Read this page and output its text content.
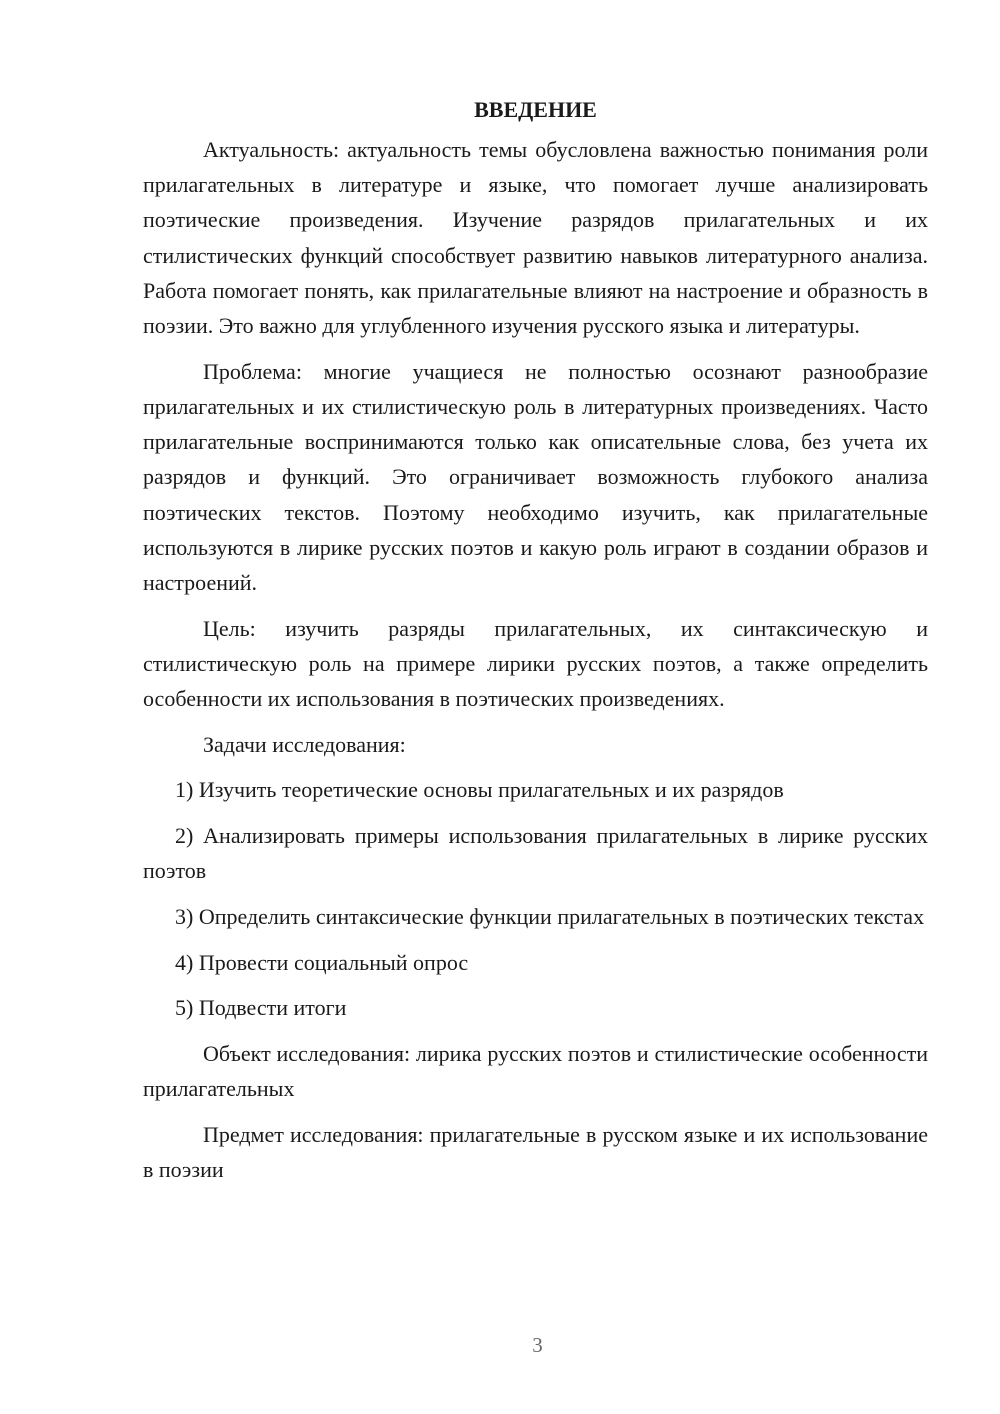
ВВЕДЕНИЕ

Актуальность: актуальность темы обусловлена важностью понимания роли прилагательных в литературе и языке, что помогает лучше анализировать поэтические произведения. Изучение разрядов прилагательных и их стилистических функций способствует развитию навыков литературного анализа. Работа помогает понять, как прилагательные влияют на настроение и образность в поэзии. Это важно для углубленного изучения русского языка и литературы.

Проблема: многие учащиеся не полностью осознают разнообразие прилагательных и их стилистическую роль в литературных произведениях. Часто прилагательные воспринимаются только как описательные слова, без учета их разрядов и функций. Это ограничивает возможность глубокого анализа поэтических текстов. Поэтому необходимо изучить, как прилагательные используются в лирике русских поэтов и какую роль играют в создании образов и настроений.

Цель: изучить разряды прилагательных, их синтаксическую и стилистическую роль на примере лирики русских поэтов, а также определить особенности их использования в поэтических произведениях.

Задачи исследования:

1) Изучить теоретические основы прилагательных и их разрядов

2) Анализировать примеры использования прилагательных в лирике русских поэтов

3) Определить синтаксические функции прилагательных в поэтических текстах

4) Провести социальный опрос

5) Подвести итоги

Объект исследования: лирика русских поэтов и стилистические особенности прилагательных

Предмет исследования: прилагательные в русском языке и их использование в поэзии

3
